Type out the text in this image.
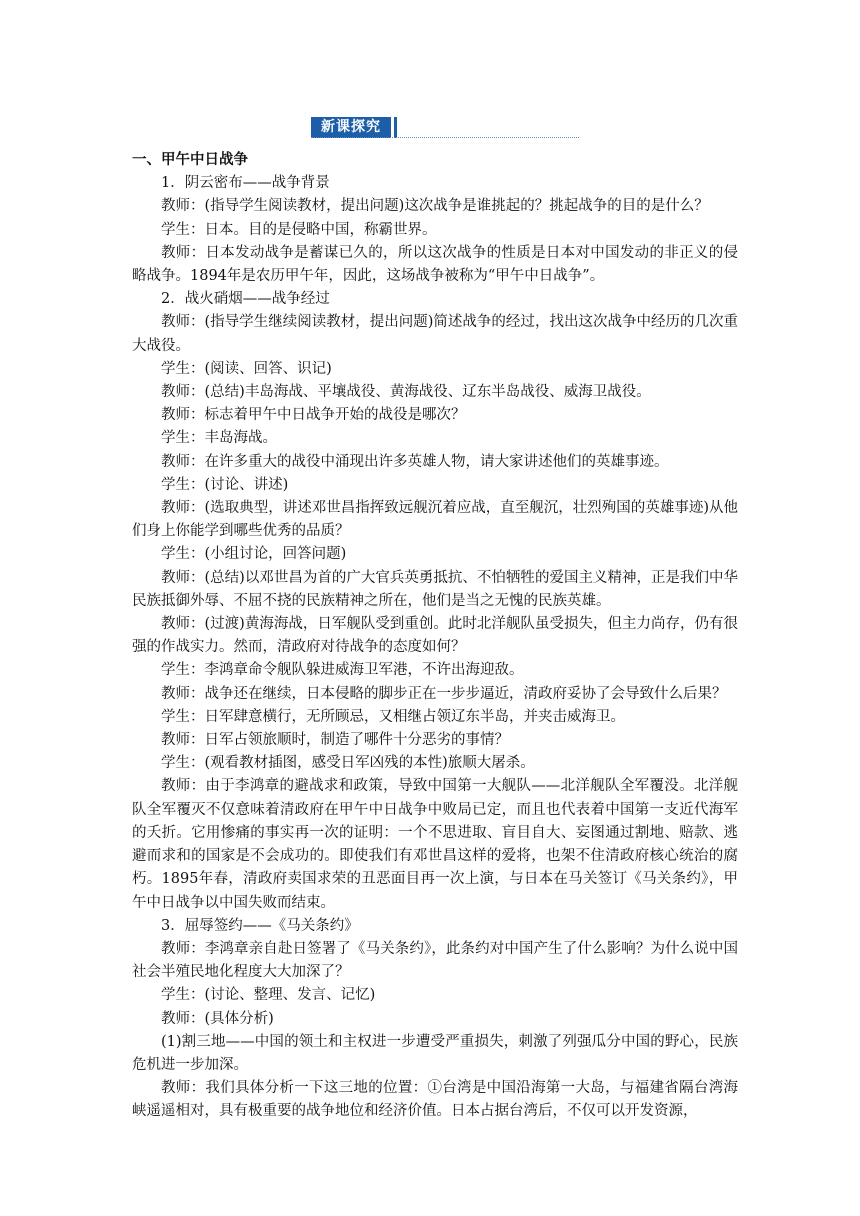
新课探究

一、甲午中日战争

1．阴云密布——战争背景

教师：(指导学生阅读教材，提出问题)这次战争是谁挑起的？挑起战争的目的是什么？

学生：日本。目的是侵略中国，称霸世界。

教师：日本发动战争是蓄谋已久的，所以这次战争的性质是日本对中国发动的非正义的侵略战争。1894年是农历甲午年，因此，这场战争被称为“甲午中日战争”。

2．战火硝烟——战争经过

教师：(指导学生继续阅读教材，提出问题)简述战争的经过，找出这次战争中经历的几次重大战役。

学生：(阅读、回答、识记)

教师：(总结)丰岛海战、平壤战役、黄海战役、辽东半岛战役、威海卫战役。

教师：标志着甲午中日战争开始的战役是哪次？

学生：丰岛海战。

教师：在许多重大的战役中涌现出许多英雄人物，请大家讲述他们的英雄事迹。

学生：(讨论、讲述)

教师：(选取典型，讲述邓世昌指挥致远舰沉着应战，直至舰沉，壮烈殉国的英雄事迹)从他们身上你能学到哪些优秀的品质？

学生：(小组讨论，回答问题)

教师：(总结)以邓世昌为首的广大官兵英勇抵抗、不怕牺牲的爱国主义精神，正是我们中华民族抵御外辱、不屈不挠的民族精神之所在，他们是当之无愧的民族英雄。

教师：(过渡)黄海海战，日军舰队受到重创。此时北洋舰队虽受损失，但主力尚存，仍有很强的作战实力。然而，清政府对待战争的态度如何？

学生：李鸿章命令舰队躲进威海卫军港，不许出海迎敌。

教师：战争还在继续，日本侵略的脚步正在一步步逼近，清政府妥协了会导致什么后果？

学生：日军肆意横行，无所顾忌，又相继占领辽东半岛，并夹击威海卫。

教师：日军占领旅顺时，制造了哪件十分恶劣的事情？

学生：(观看教材插图，感受日军凶残的本性)旅顺大屠杀。

教师：由于李鸿章的避战求和政策，导致中国第一大舰队——北洋舰队全军覆没。北洋舰队全军覆灭不仅意味着清政府在甲午中日战争中败局已定，而且也代表着中国第一支近代海军的夭折。它用惨痛的事实再一次的证明：一个不思进取、盲目自大、妄图通过割地、赔款、逃避而求和的国家是不会成功的。即使我们有邓世昌这样的爱将，也架不住清政府核心统治的腐朽。1895年春，清政府卖国求荣的丑恶面目再一次上演，与日本在马关签订《马关条约》，甲午中日战争以中国失败而结束。

3．屈辱签约——《马关条约》

教师：李鸿章亲自赴日签署了《马关条约》，此条约对中国产生了什么影响？为什么说中国社会半殖民地化程度大大加深了？

学生：(讨论、整理、发言、记忆)

教师：(具体分析)

(1)割三地——中国的领土和主权进一步遭受严重损失，刺激了列强瓜分中国的野心，民族危机进一步加深。

教师：我们具体分析一下这三地的位置：①台湾是中国沿海第一大岛，与福建省隔台湾海峡遥遥相对，具有极重要的战争地位和经济价值。日本占据台湾后，不仅可以开发资源，
